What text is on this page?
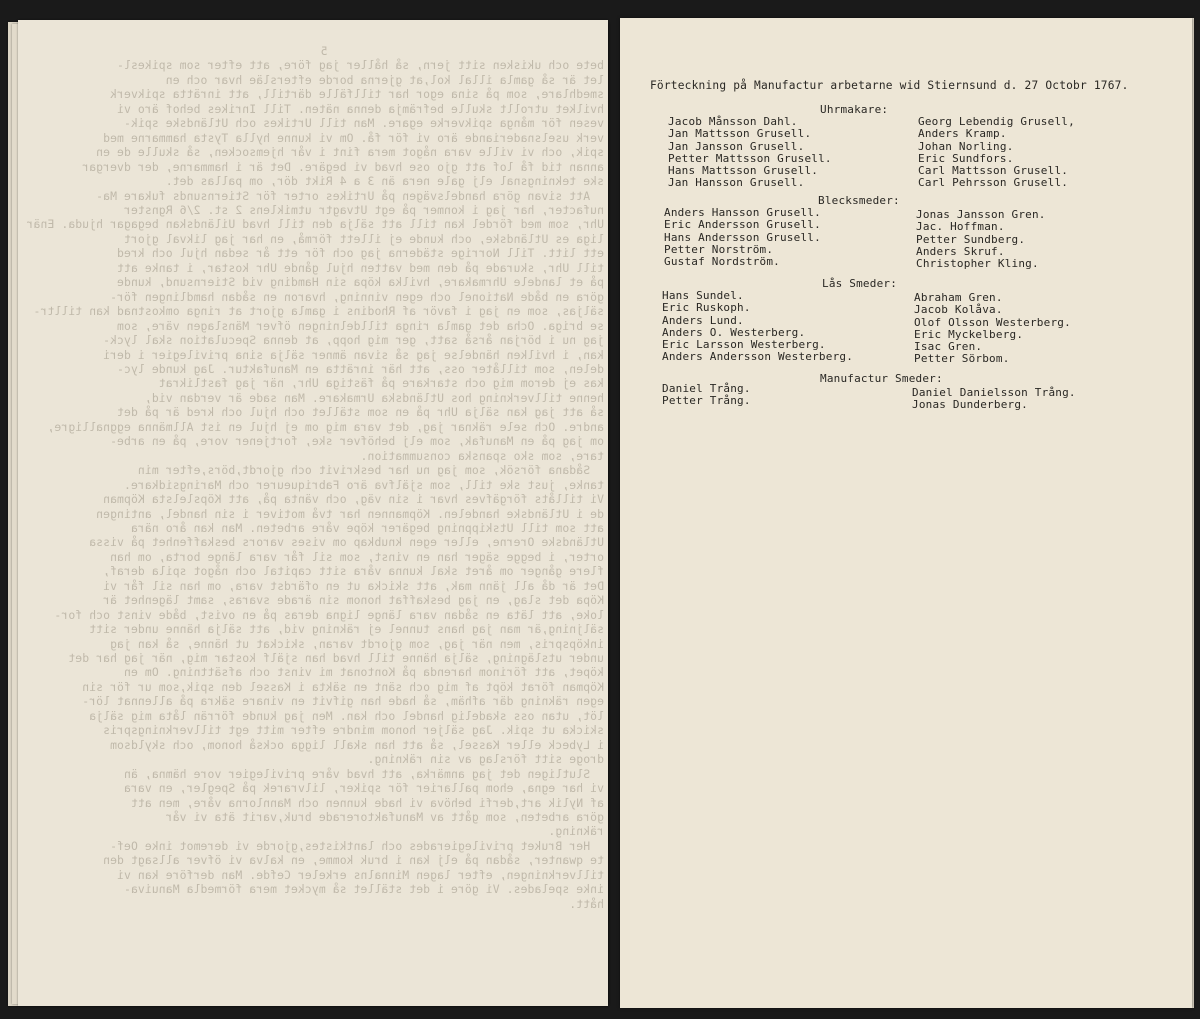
5
bete och ukisken sitt jern, så håller jag före, att efter som spikesl-
let är så gamla illal kol,at gjerna borde eftersläe hvar och en
smedhlare, som på sina egor har tillfälle därtill, att inrätta spikverk
hvilket utrollt skulle befrämja denna näten. Till Inrikes behof äro vi
vesen för många spikverke egare. Man till Urtikes och Utländske spik-
verk uselsnaderiande äro vi för få. Om vi kunne hylla Tysta hammarne med
spik, och vi ville vara något mera fint i vår hjemsocken, så skulle de en
annan tid få lof att gjo ose hvad vi begäre. Det är i hammarne, der dvergar
ske tekningsnal elj gale nera än 3 a 4 Rikt dör, om pallas det.
Att sivan göra handelsvägen på Urtikes orter för Stiernsunds fukare Ma-
nufacter, har jag i konmer på egt Utvagtr utmiklens 2 st. 2/6 Rgnster
Uhr, som med fördel kan till att sälja den till hvad Uiländskan begagar hjuda. Enär
liga es Utländske, och kunde ej illett förmå, en har jag likval gjort
ett litt. Till Norrige städerna jag och för ett år sedan hjul och kred
till Uhr, skurade på den med vatten hjul gånde Uhr kostar, i tanke att
på et landele Uhrmakare, hvilka köpa sin Hamding vid Stiernsund, kunde
göra en både Nationel och egen vinning, hvaron en sådan hamdlingen för-
säljas, som en jag i favör af Rhodins i gamla gjort at ringa omkostnad kan tilltr-
se briga. Ocha det gamla ringa tilldelningen öfver Mänslagen väre, som
jag nu i början årså satt, ger mig hopp, at denna Speculation skal lyck-
kan, i hvilken händelse jag så sivan ämner sälja sina privilegier i deri
delen, som tillåter oss, att här inrätta en Manufaktur. Jag kunde lyc-
kas ej derom mig och starkare på fästiga Uhr, när jag fastlikrat
henne tillverkning hos Utländska Urmakare. Man sade är verdan vid,
så att jag kan sälja Uhr på en som stället och hjul och kred är på det
andre. Och sele räknar jag, det vara mig om ej hjul en ist Allmänna eggnalligre,
om jag på en Manufak, som elj behöfver ske, fortjener vore, på en arbe-
tare, som sko spanska consummation.
Sådana försök, som jag nu har beskrivit och gjordt,börs,efter min
tanke, just ske till, som själfva äro Fabriqueurer och Maringsidkare.
Vi tillåts förgäfves hvar i sin väg, och vänta på, att Köpslelsta Köpman
de i Utländske handelen. Köpmannen har två motiver i sin handel, antingen
att som till Utskippning begärer köpe våre arbeten. Man kan åro nära
Utländske Orerne, eller egen knubkap om vises varors beskaffenhet på vissa
orter, i begge säger han en vinst, som sil får vara länge borta, om han
flere gånger om året skal kunna våra sitt capital och något spila deraf,
Det är då all jänn mak, att skicka ut en ofärdst vara, om han sil får vi
Köpa det slag, en jag beskaffat honom sin ärade svaras, samt lägenhet är
loke, att läta en sådan vara länge ligna deras på en ovist, både vinst och for-
säljning,är man jag hans tunnel ej räkning vid, att sälja hänne under sitt
inköpspris, men när jag, som gjordt varan, skickat ut hänne, så kan jag
under utslägning, sälja hänne till hvad han själf kostar mig, när jag har det
köpet, att förinom harenda på Kontonat mi vinst och afsättning. Om en
Köpman förat köpt af mig och sänt en säkta i Kassel den spik,som ur för sin
egen räkning där afhäm, så hade han gifvit en vinare säkra på allennat lör-
löt, utan oss skadelig handel och kan. Men jag kunde förrän låta mig sälja
skicka ut spik. Jag säljer honom mindre efter mitt egt tillverkningspris
i Lybeck eller Kassel, så att han skall ligga också honom, och skyldsom
droge sitt förslag av sin räkning.
Slutligen det jag anmärka, att hvad våre privilegier vore hämna, än
vi har egna, ehom pallarier för spiker, lilvrarek på Spegler, en vara
af Nylik art,derfi behöva vi hade kunnen och Mannlorna våre, men att
göra arbeten, som gått av Manufaktorerade bruk,varit äta vi vår
räkning.
Her Bruket privilegierades och lantkistes,gjorde vi deremot inke Oef-
te qwanter, sådan på elj kan i bruk komme, en kalva vi öfver allsagt den
tillverkningen, efter lagen Minnalns erkeler Cefde. Man derföre kan vi
inke spelades. Vi göre i det stället så mycket mera förmedla Manuiva-
hått.
Förteckning på Manufactur arbetarne wid Stiernsund d. 27 Octobr 1767.
Uhrmakare:
Jacob Månsson Dahl.
Jan Mattsson Grusell.
Jan Jansson Grusell.
Petter Mattsson Grusell.
Hans Mattsson Grusell.
Jan Hansson Grusell.
Georg Lebendig Grusell,
Anders Kramp.
Johan Norling.
Eric Sundfors.
Carl Mattsson Grusell.
Carl Pehrsson Grusell.
Blecksmeder:
Anders Hansson Grusell.
Eric Andersson Grusell.
Hans Andersson Grusell.
Petter Norström.
Gustaf Nordström.
Jonas Jansson Gren.
Jac. Hoffman.
Petter Sundberg.
Anders Skruf.
Christopher Kling.
Lås Smeder:
Hans Sundel.
Eric Ruskoph.
Anders Lund.
Anders O. Westerberg.
Eric Larsson Westerberg.
Anders Andersson Westerberg.
Abraham Gren.
Jacob Kolåva.
Olof Olsson Westerberg.
Eric Myckelberg.
Isac Gren.
Petter Sörbom.
Manufactur Smeder:
Daniel Trång.
Petter Trång.
Daniel Danielsson Trång.
Jonas Dunderberg.
